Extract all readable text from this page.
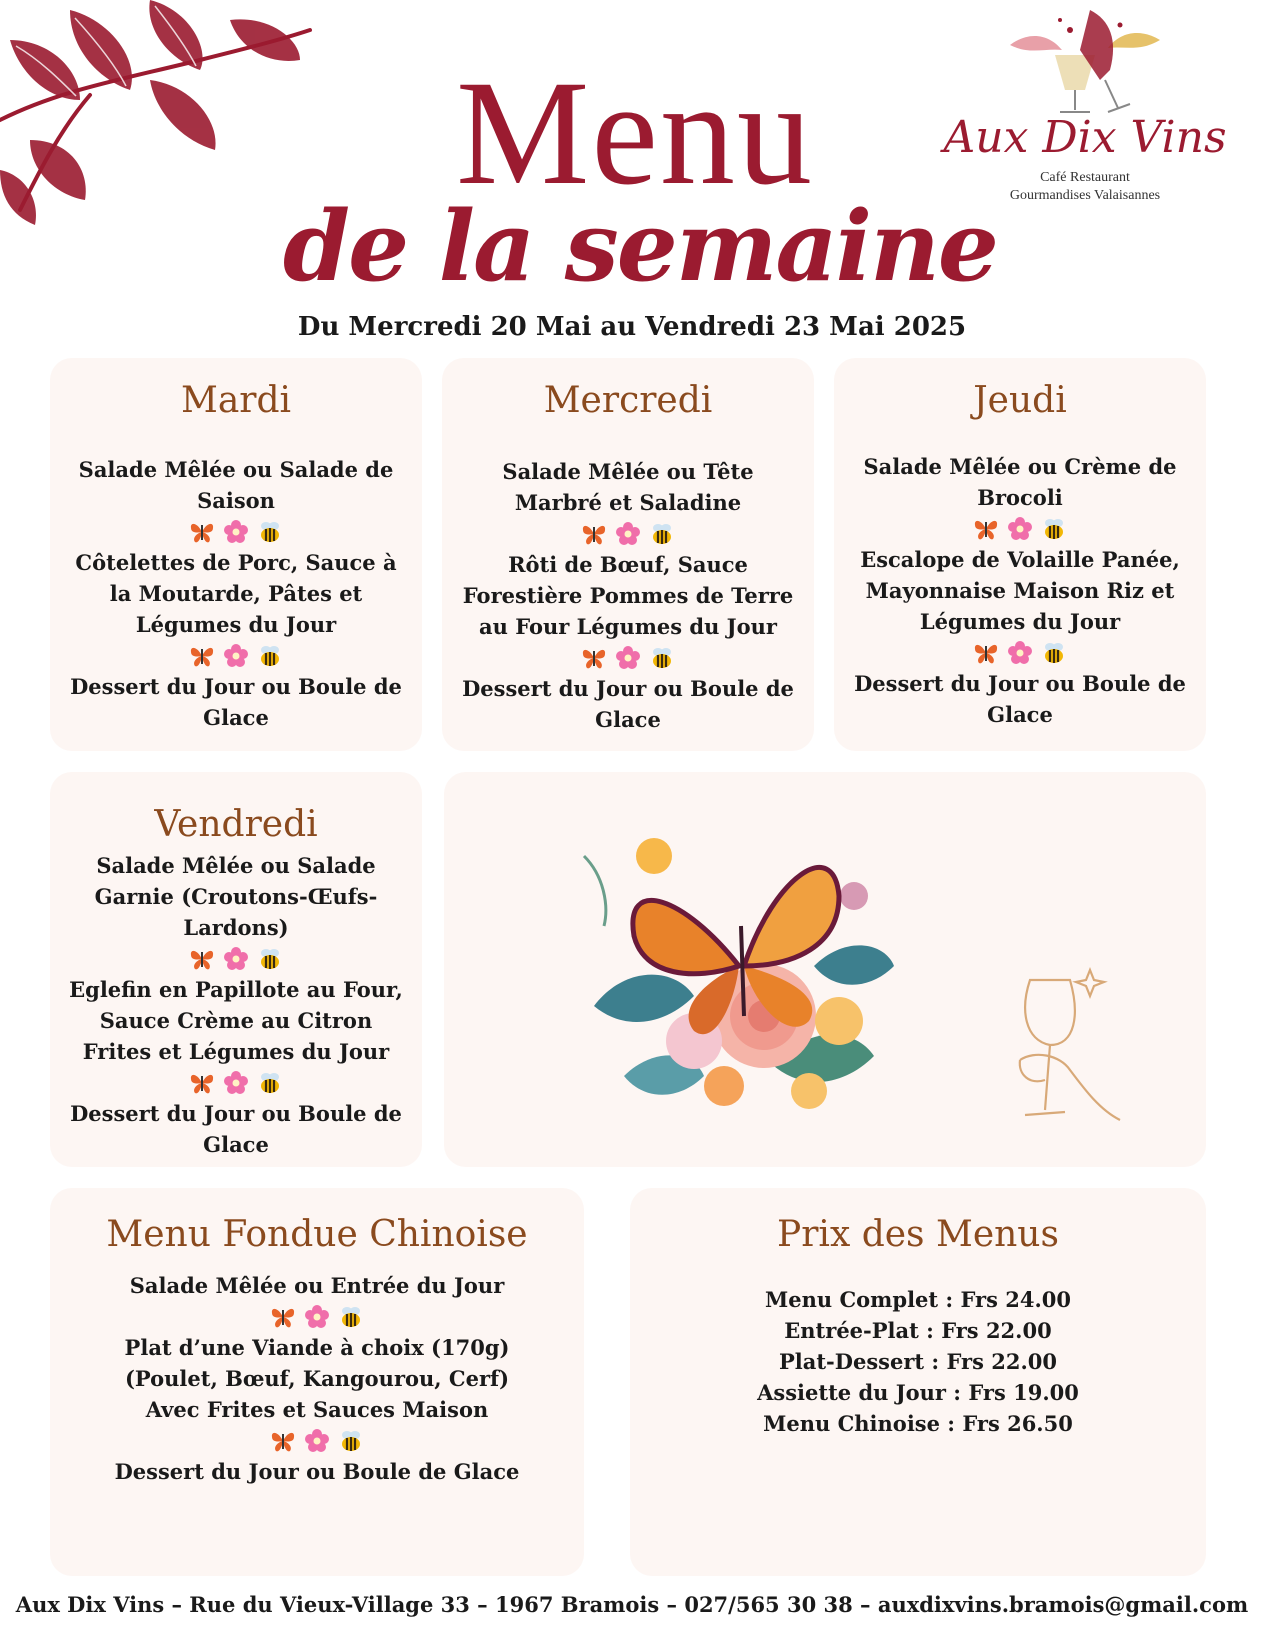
Menu
de la semaine
Aux Dix Vins
Café Restaurant
Gourmandises Valaisannes
Du Mercredi 20 Mai au Vendredi 23 Mai 2025
Mardi

Salade Mêlée ou Salade de Saison

Côtelettes de Porc, Sauce à la Moutarde, Pâtes et Légumes du Jour

Dessert du Jour ou Boule de Glace

Mercredi

Salade Mêlée ou Tête Marbré et Saladine

Rôti de Bœuf, Sauce Forestière Pommes de Terre au Four Légumes du Jour

Dessert du Jour ou Boule de Glace

Jeudi

Salade Mêlée ou Crème de Brocoli

Escalope de Volaille Panée, Mayonnaise Maison Riz et Légumes du Jour

Dessert du Jour ou Boule de Glace

Vendredi

Salade Mêlée ou Salade Garnie (Croutons-Œufs-Lardons)

Eglefin en Papillote au Four, Sauce Crème au Citron Frites et Légumes du Jour

Dessert du Jour ou Boule de Glace

Menu Fondue Chinoise

Salade Mêlée ou Entrée du Jour

Plat d’une Viande à choix (170g)

(Poulet, Bœuf, Kangourou, Cerf)

Avec Frites et Sauces Maison

Dessert du Jour ou Boule de Glace

Prix des Menus

Menu Complet : Frs 24.00

Entrée-Plat : Frs 22.00

Plat-Dessert : Frs 22.00

Assiette du Jour : Frs 19.00

Menu Chinoise : Frs 26.50

Aux Dix Vins – Rue du Vieux-Village 33 – 1967 Bramois – 027/565 30 38 – auxdixvins.bramois@gmail.com
